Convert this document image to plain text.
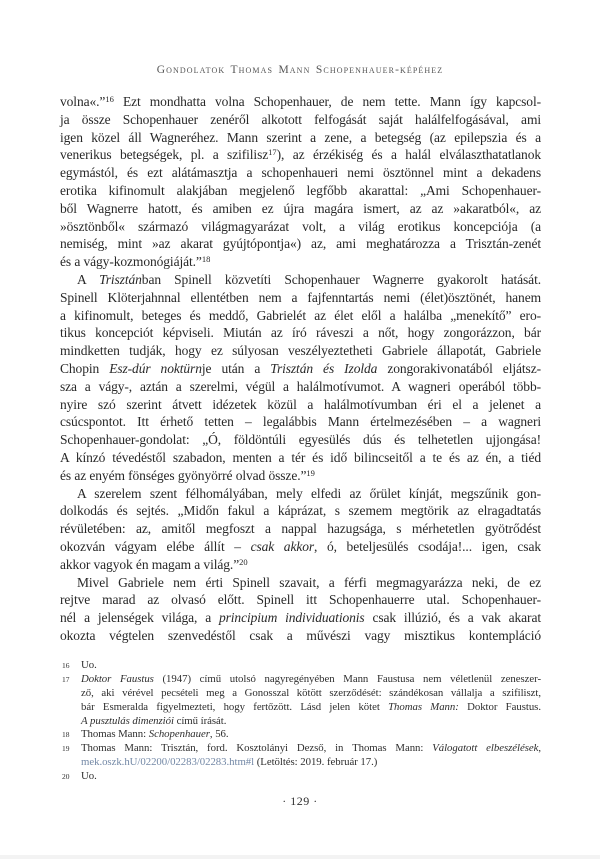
Gondolatok Thomas Mann Schopenhauer-képéhez
volna«.”$^{16}$ Ezt mondhatta volna Schopenhauer, de nem tette. Mann így kapcsol-
ja össze Schopenhauer zenéről alkotott felfogását saját halálfelfogásával, ami
igen közel áll Wagneréhez. Mann szerint a zene, a betegség (az epilepszia és a
venerikus betegségek, pl. a szifilisz$^{17}$), az érzékiség és a halál elválaszthatatlanok
egymástól, és ezt alátámasztja a schopenhaueri nemi ösztönnel mint a dekadens
erotika kifinomult alakjában megjelenő legfőbb akarattal: „Ami Schopenhauer-
ből Wagnerre hatott, és amiben ez újra magára ismert, az az »akaratból«, az
»ösztönből« származó világmagyarázat volt, a világ erotikus koncepciója (a
nemiség, mint »az akarat gyújtópontja«) az, ami meghatározza a Trisztán-zenét
és a vágy-kozmonógiáját.”$^{18}$
A Trisztánban Spinell közvetíti Schopenhauer Wagnerre gyakorolt hatását.
Spinell Klöterjahnnal ellentétben nem a fajfenntartás nemi (élet)ösztönét, hanem
a kifinomult, beteges és meddő, Gabrielét az élet elől a halálba „menekítő” ero-
tikus koncepciót képviseli. Miután az író ráveszi a nőt, hogy zongorázzon, bár
mindketten tudják, hogy ez súlyosan veszélyeztetheti Gabriele állapotát, Gabriele
Chopin Esz-dúr noktürnje után a Trisztán és Izolda zongorakivonatából eljátsz-
sza a vágy-, aztán a szerelmi, végül a halálmotívumot. A wagneri operából több-
nyire szó szerint átvett idézetek közül a halálmotívumban éri el a jelenet a
csúcspontot. Itt érhető tetten – legalábbis Mann értelmezésében – a wagneri
Schopenhauer-gondolat: „Ó, földöntúli egyesülés dús és telhetetlen ujjongása!
A kínzó tévedéstől szabadon, menten a tér és idő bilincseitől a te és az én, a tiéd
és az enyém fönséges gyönyörré olvad össze.”$^{19}$
A szerelem szent félhomályában, mely elfedi az őrület kínját, megszűnik gon-
dolkodás és sejtés. „Midőn fakul a káprázat, s szemem megtörik az elragadtatás
révületében: az, amitől megfoszt a nappal hazugsága, s mérhetetlen gyötrődést
okozván vágyam elébe állít – csak akkor, ó, beteljesülés csodája!... igen, csak
akkor vagyok én magam a világ.”$^{20}$
Mivel Gabriele nem érti Spinell szavait, a férfi megmagyarázza neki, de ez
rejtve marad az olvasó előtt. Spinell itt Schopenhauerre utal. Schopenhauer-
nél a jelenségek világa, a principium individuationis csak illúzió, és a vak akarat
okozta végtelen szenvedéstől csak a művészi vagy misztikus kontempláció
16 Uo.
17 Doktor Faustus (1947) című utolsó nagyregényében Mann Faustusa nem véletlenül zeneszer-
ző, aki vérével pecsételi meg a Gonosszal kötött szerződését: szándékosan vállalja a szifiliszt,
bár Esmeralda figyelmezteti, hogy fertőzött. Lásd jelen kötet Thomas Mann: Doktor Faustus.
A pusztulás dimenziói című írását.
18 Thomas Mann: Schopenhauer, 56.
19 Thomas Mann: Trisztán, ford. Kosztolányi Dezső, in Thomas Mann: Válogatott elbeszélések,
mek.oszk.hU/02200/02283/02283.htm#l (Letöltés: 2019. február 17.)
20 Uo.
· 129 ·
